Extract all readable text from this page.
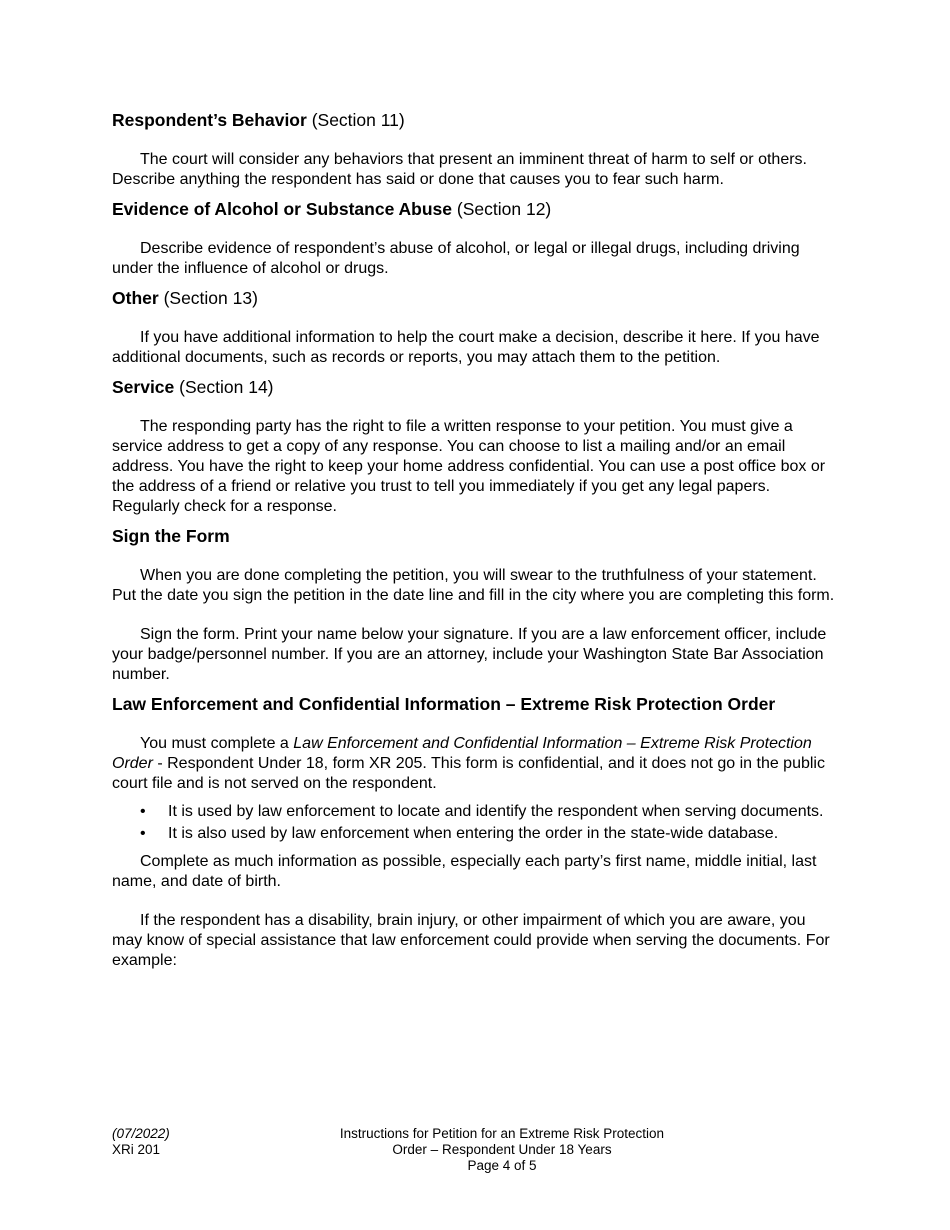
Respondent’s Behavior (Section 11)

The court will consider any behaviors that present an imminent threat of harm to self or others. Describe anything the respondent has said or done that causes you to fear such harm.

Evidence of Alcohol or Substance Abuse (Section 12)

Describe evidence of respondent’s abuse of alcohol, or legal or illegal drugs, including driving under the influence of alcohol or drugs.

Other (Section 13)

If you have additional information to help the court make a decision, describe it here. If you have additional documents, such as records or reports, you may attach them to the petition.

Service (Section 14)

The responding party has the right to file a written response to your petition. You must give a service address to get a copy of any response. You can choose to list a mailing and/or an email address. You have the right to keep your home address confidential. You can use a post office box or the address of a friend or relative you trust to tell you immediately if you get any legal papers. Regularly check for a response.

Sign the Form

When you are done completing the petition, you will swear to the truthfulness of your statement. Put the date you sign the petition in the date line and fill in the city where you are completing this form.

Sign the form. Print your name below your signature. If you are a law enforcement officer, include your badge/personnel number. If you are an attorney, include your Washington State Bar Association number.

Law Enforcement and Confidential Information – Extreme Risk Protection Order

You must complete a Law Enforcement and Confidential Information – Extreme Risk Protection Order - Respondent Under 18, form XR 205. This form is confidential, and it does not go in the public court file and is not served on the respondent.

• It is used by law enforcement to locate and identify the respondent when serving documents.
• It is also used by law enforcement when entering the order in the state-wide database.

Complete as much information as possible, especially each party’s first name, middle initial, last name, and date of birth.

If the respondent has a disability, brain injury, or other impairment of which you are aware, you may know of special assistance that law enforcement could provide when serving the documents. For example:

(07/2022)
XRi 201
Instructions for Petition for an Extreme Risk Protection
Order – Respondent Under 18 Years
Page 4 of 5
